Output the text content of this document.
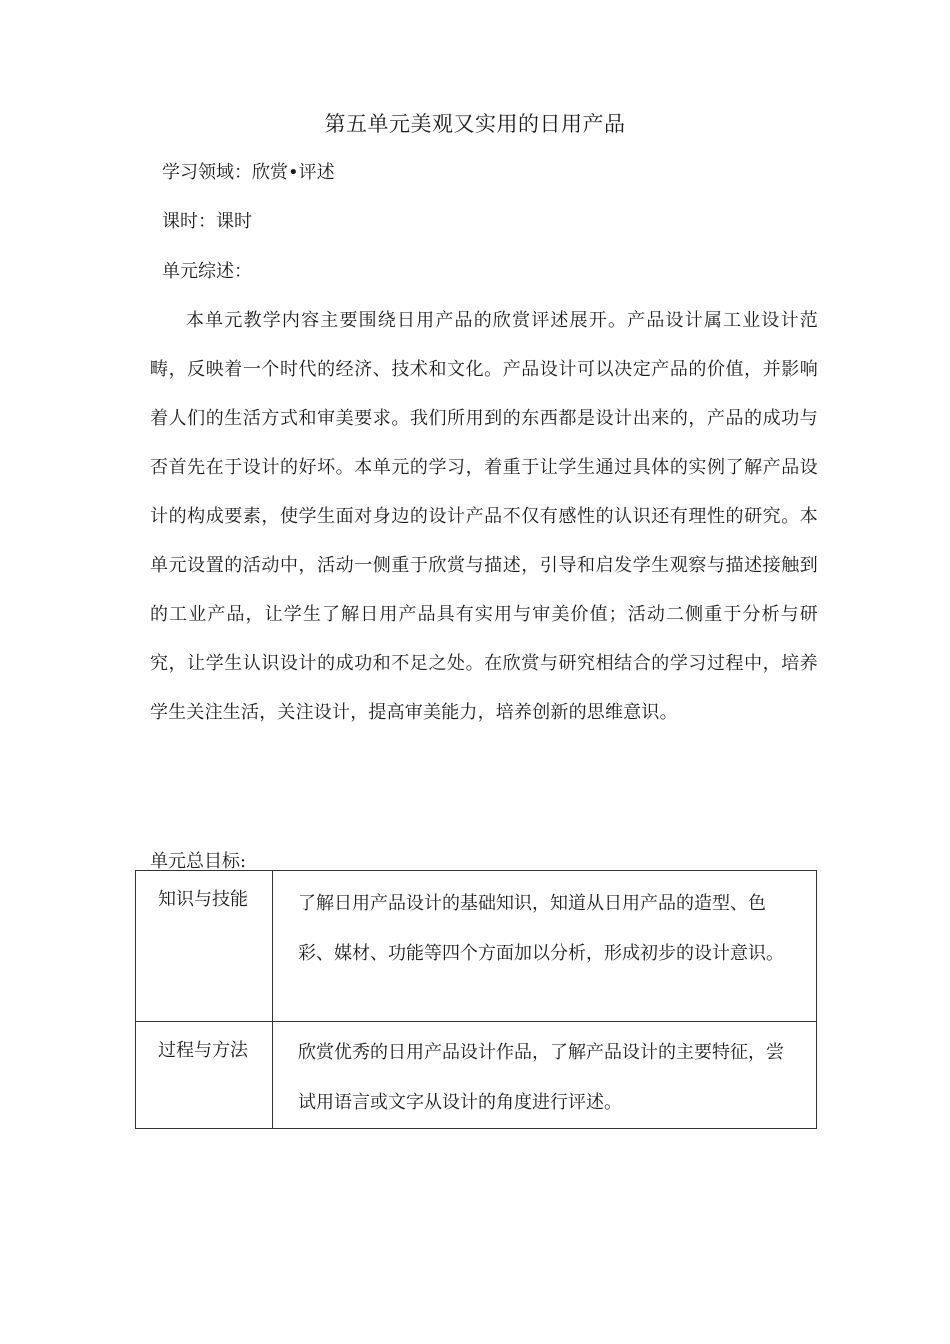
第五单元美观又实用的日用产品

学习领域：欣赏•评述

课时：课时

单元综述：

本单元教学内容主要围绕日用产品的欣赏评述展开。产品设计属工业设计范畴，反映着一个时代的经济、技术和文化。产品设计可以决定产品的价值，并影响着人们的生活方式和审美要求。我们所用到的东西都是设计出来的，产品的成功与否首先在于设计的好坏。本单元的学习，着重于让学生通过具体的实例了解产品设计的构成要素，使学生面对身边的设计产品不仅有感性的认识还有理性的研究。本单元设置的活动中，活动一侧重于欣赏与描述，引导和启发学生观察与描述接触到的工业产品，让学生了解日用产品具有实用与审美价值；活动二侧重于分析与研究，让学生认识设计的成功和不足之处。在欣赏与研究相结合的学习过程中，培养学生关注生活，关注设计，提高审美能力，培养创新的思维意识。

单元总目标:

知识与技能	了解日用产品设计的基础知识，知道从日用产品的造型、色彩、媒材、功能等四个方面加以分析，形成初步的设计意识。
过程与方法	欣赏优秀的日用产品设计作品，了解产品设计的主要特征，尝试用语言或文字从设计的角度进行评述。
